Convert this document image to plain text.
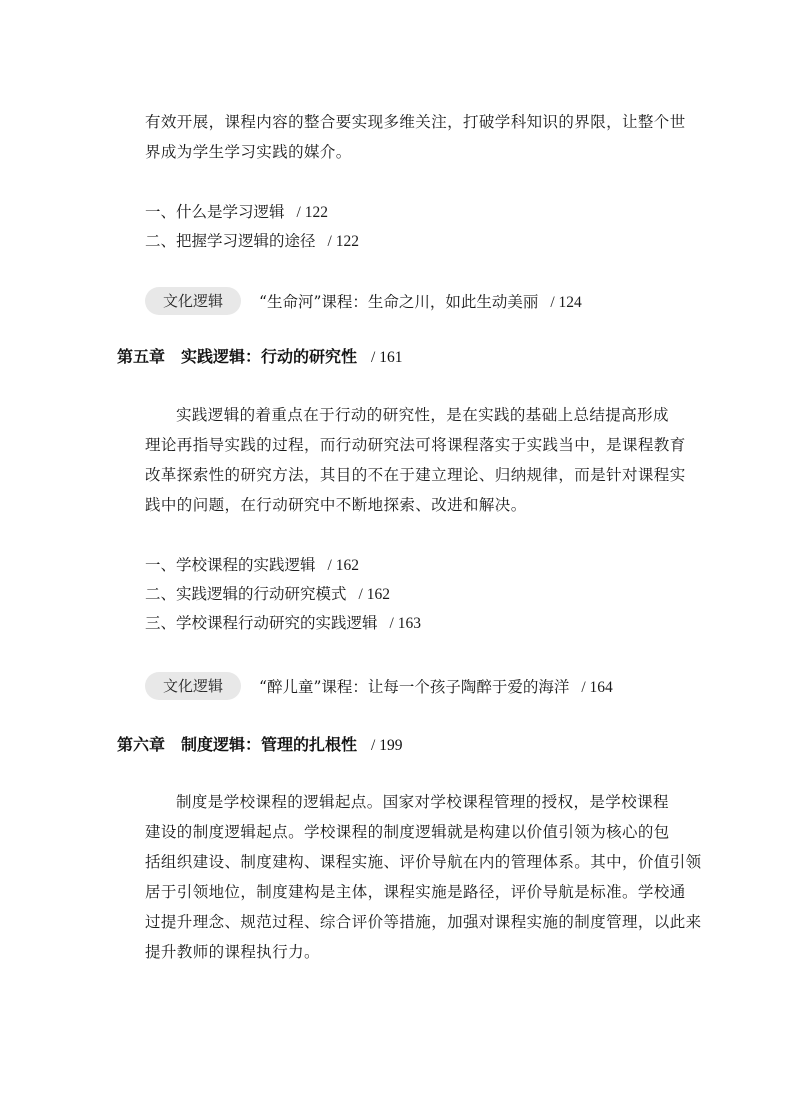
有效开展，课程内容的整合要实现多维关注，打破学科知识的界限，让整个世
界成为学生学习实践的媒介。

一、什么是学习逻辑 / 122
二、把握学习逻辑的途径 / 122
文化逻辑	“生命河”课程：生命之川，如此生动美丽 / 124
第五章 实践逻辑：行动的研究性 / 161

实践逻辑的着重点在于行动的研究性，是在实践的基础上总结提高形成
理论再指导实践的过程，而行动研究法可将课程落实于实践当中，是课程教育
改革探索性的研究方法，其目的不在于建立理论、归纳规律，而是针对课程实
践中的问题，在行动研究中不断地探索、改进和解决。

一、学校课程的实践逻辑 / 162
二、实践逻辑的行动研究模式 / 162
三、学校课程行动研究的实践逻辑 / 163
文化逻辑	“醉儿童”课程：让每一个孩子陶醉于爱的海洋 / 164
第六章 制度逻辑：管理的扎根性 / 199

制度是学校课程的逻辑起点。国家对学校课程管理的授权，是学校课程
建设的制度逻辑起点。学校课程的制度逻辑就是构建以价值引领为核心的包
括组织建设、制度建构、课程实施、评价导航在内的管理体系。其中，价值引领
居于引领地位，制度建构是主体，课程实施是路径，评价导航是标准。学校通
过提升理念、规范过程、综合评价等措施，加强对课程实施的制度管理，以此来
提升教师的课程执行力。
